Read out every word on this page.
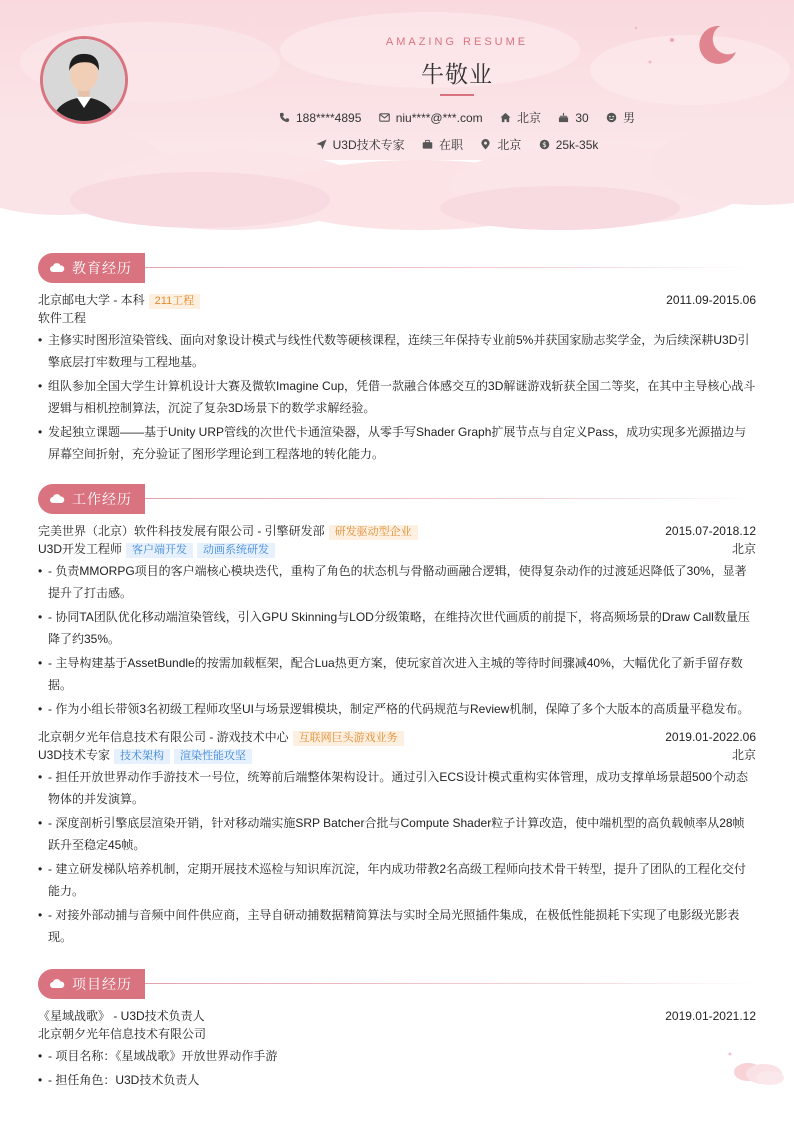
AMAZING RESUME
牛敬业
188****4895	niu****@***.com	北京	30	男
U3D技术专家	在职	北京	$ 25k-35k
教育经历
北京邮电大学 - 本科 211工程	2011.09-2015.06
软件工程
• 主修实时图形渲染管线、面向对象设计模式与线性代数等硬核课程，连续三年保持专业前5%并获国家励志奖学金，为后续深耕U3D引擎底层打牢数理与工程地基。
• 组队参加全国大学生计算机设计大赛及微软Imagine Cup，凭借一款融合体感交互的3D解谜游戏斩获全国二等奖，在其中主导核心战斗逻辑与相机控制算法，沉淀了复杂3D场景下的数学求解经验。
• 发起独立课题——基于Unity URP管线的次世代卡通渲染器，从零手写Shader Graph扩展节点与自定义Pass，成功实现多光源描边与屏幕空间折射，充分验证了图形学理论到工程落地的转化能力。
工作经历
完美世界（北京）软件科技发展有限公司 - 引擎研发部 研发驱动型企业	2015.07-2018.12
U3D开发工程师 客户端开发 动画系统研发	北京
• - 负责MMORPG项目的客户端核心模块迭代，重构了角色的状态机与骨骼动画融合逻辑，使得复杂动作的过渡延迟降低了30%，显著提升了打击感。
• - 协同TA团队优化移动端渲染管线，引入GPU Skinning与LOD分级策略，在维持次世代画质的前提下，将高频场景的Draw Call数量压降了约35%。
• - 主导构建基于AssetBundle的按需加载框架，配合Lua热更方案，使玩家首次进入主城的等待时间骤减40%，大幅优化了新手留存数据。
• - 作为小组长带领3名初级工程师攻坚UI与场景逻辑模块，制定严格的代码规范与Review机制，保障了多个大版本的高质量平稳发布。
北京朝夕光年信息技术有限公司 - 游戏技术中心 互联网巨头游戏业务	2019.01-2022.06
U3D技术专家 技术架构 渲染性能攻坚	北京
• - 担任开放世界动作手游技术一号位，统筹前后端整体架构设计。通过引入ECS设计模式重构实体管理，成功支撑单场景超500个动态物体的并发演算。
• - 深度剖析引擎底层渲染开销，针对移动端实施SRP Batcher合批与Compute Shader粒子计算改造，使中端机型的高负载帧率从28帧跃升至稳定45帧。
• - 建立研发梯队培养机制，定期开展技术巡检与知识库沉淀，年内成功带教2名高级工程师向技术骨干转型，提升了团队的工程化交付能力。
• - 对接外部动捕与音频中间件供应商，主导自研动捕数据精简算法与实时全局光照插件集成，在极低性能损耗下实现了电影级光影表现。
项目经历
《星域战歌》 - U3D技术负责人	2019.01-2021.12
北京朝夕光年信息技术有限公司
• - 项目名称：《星域战歌》开放世界动作手游
• - 担任角色：U3D技术负责人
